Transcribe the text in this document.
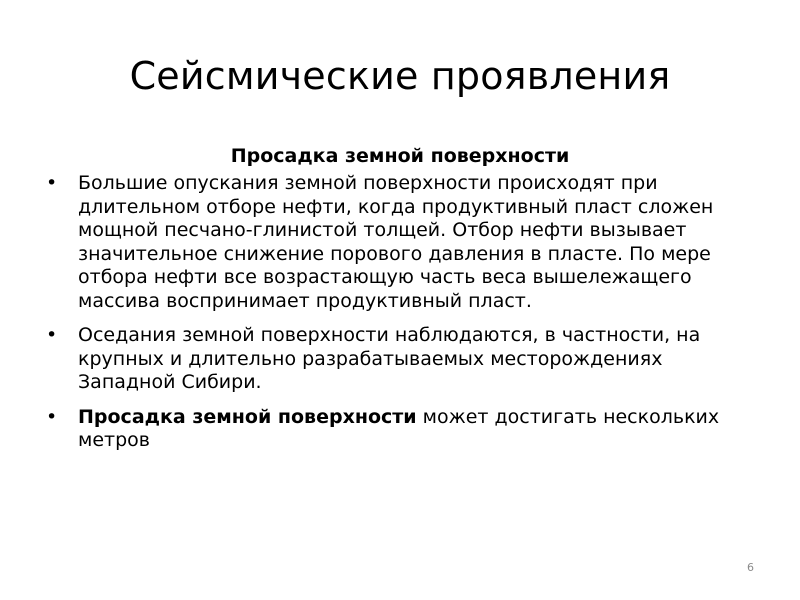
Сейсмические проявления

Просадка земной поверхности

• Большие опускания земной поверхности происходят при длительном отборе нефти, когда продуктивный пласт сложен мощной песчано-глинистой толщей. Отбор нефти вызывает значительное снижение порового давления в пласте. По мере отбора нефти все возрастающую часть веса вышележащего массива воспринимает продуктивный пласт.
• Оседания земной поверхности наблюдаются, в частности, на крупных и длительно разрабатываемых месторождениях Западной Сибири.
• Просадка земной поверхности может достигать нескольких метров
6
